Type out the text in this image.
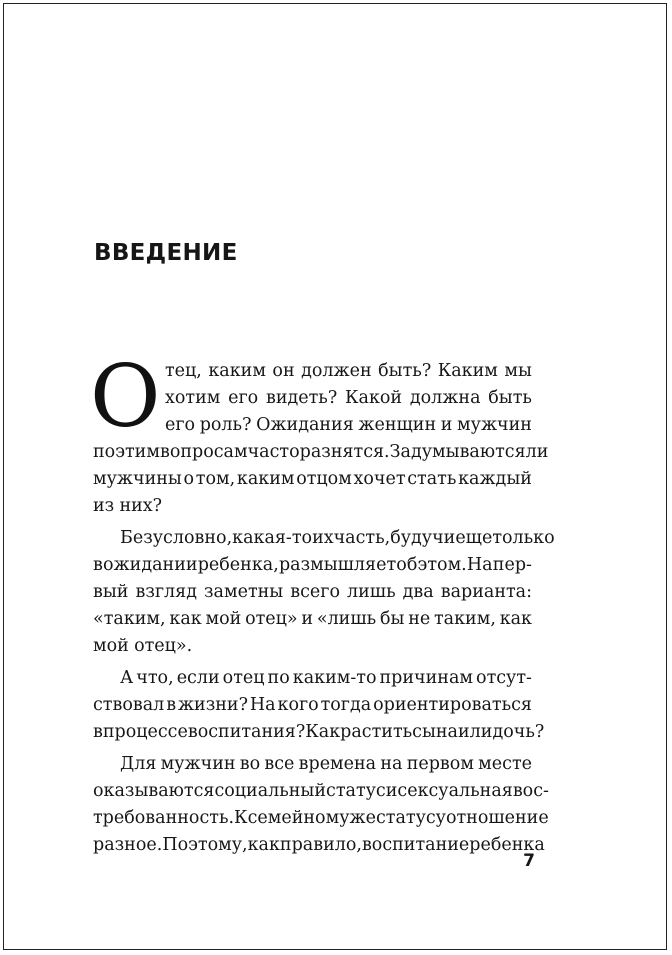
ВВЕДЕНИЕ
О тец, каким он должен быть? Каким мы
хотим его видеть? Какой должна быть
его роль? Ожидания женщин и мужчин
по этим вопросам часто разнятся. Задумываются ли
мужчины о том, каким отцом хочет стать каждый
из них?
Безусловно, какая-то их часть, будучи еще только
в ожидании ребенка, размышляет об этом. На пер-
вый взгляд заметны всего лишь два варианта:
«таким, как мой отец» и «лишь бы не таким, как
мой отец».
А что, если отец по каким-то причинам отсут-
ствовал в жизни? На кого тогда ориентироваться
в процессе воспитания? Как растить сына или дочь?
Для мужчин во все времена на первом месте
оказываются социальный статус и сексуальная вос-
требованность. К семейному же статусу отношение
разное. Поэтому, как правило, воспитание ребенка
7
